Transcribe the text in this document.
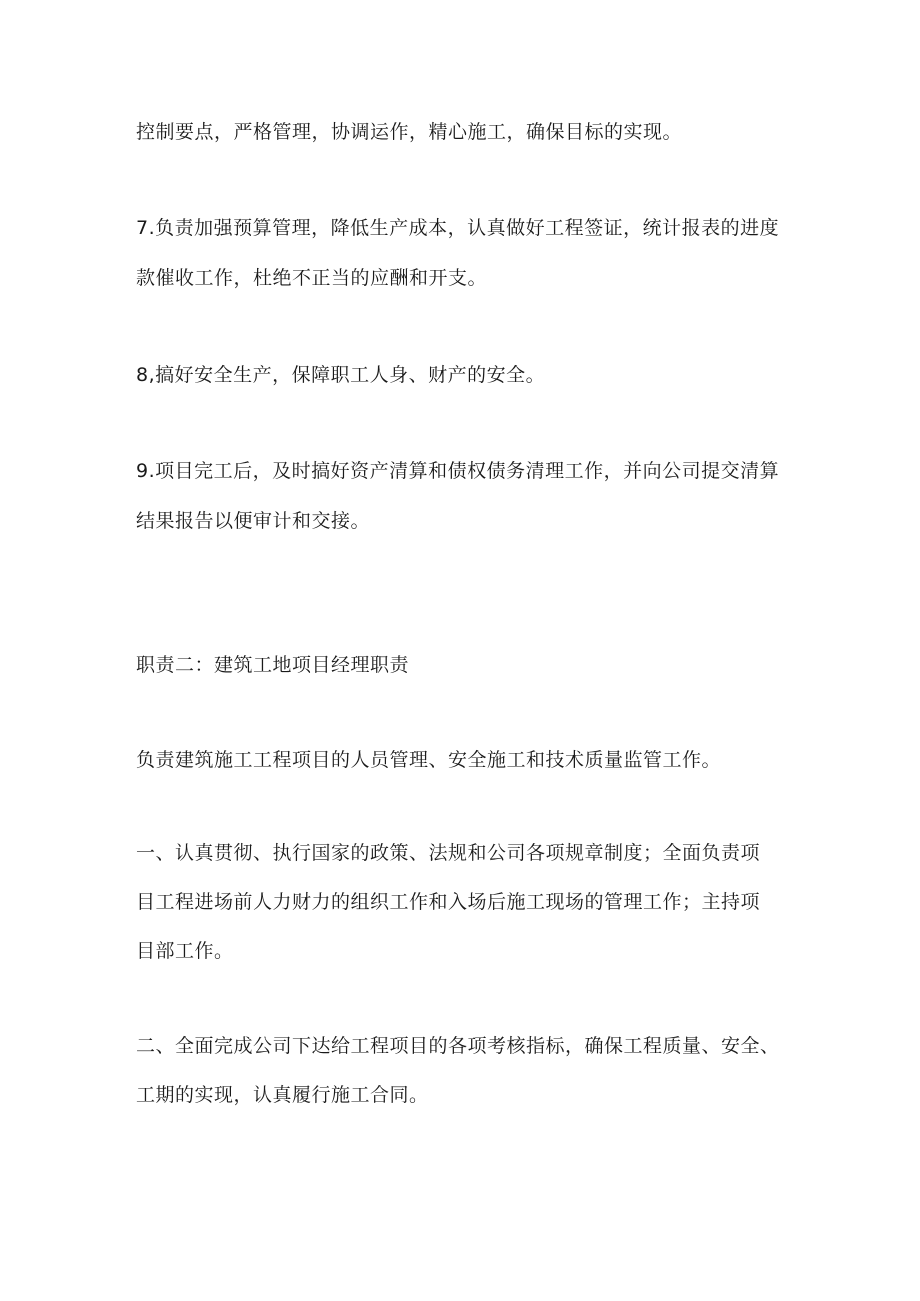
控制要点，严格管理，协调运作，精心施工，确保目标的实现。
7.负责加强预算管理，降低生产成本，认真做好工程签证，统计报表的进度
款催收工作，杜绝不正当的应酬和开支。
8,搞好安全生产，保障职工人身、财产的安全。
9.项目完工后，及时搞好资产清算和债权债务清理工作，并向公司提交清算
结果报告以便审计和交接。
职责二：建筑工地项目经理职责
负责建筑施工工程项目的人员管理、安全施工和技术质量监管工作。
一、认真贯彻、执行国家的政策、法规和公司各项规章制度；全面负责项
目工程进场前人力财力的组织工作和入场后施工现场的管理工作；主持项
目部工作。
二、全面完成公司下达给工程项目的各项考核指标，确保工程质量、安全、
工期的实现，认真履行施工合同。
